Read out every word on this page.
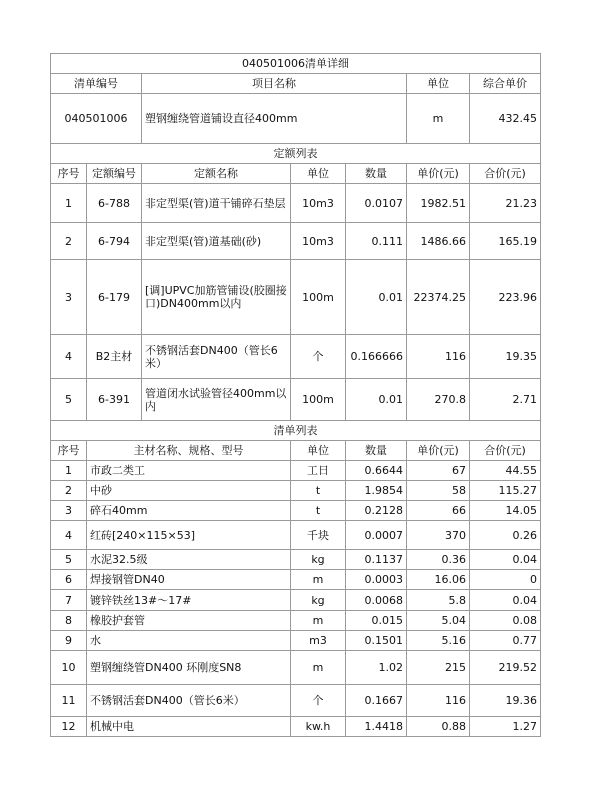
040501006清单详细						
清单编号		项目名称			单位	综合单价
040501006		塑钢缠绕管道铺设直径400mm			m	432.45
定额列表						
序号	定额编号	定额名称	单位	数量	单价(元)	合价(元)
1	6-788	非定型渠(管)道干铺碎石垫层	10m3	0.0107	1982.51	21.23
2	6-794	非定型渠(管)道基础(砂)	10m3	0.111	1486.66	165.19
3	6-179	[调]UPVC加筋管铺设(胶圈接口)DN400mm以内	100m	0.01	22374.25	223.96
4	B2主材	不锈钢活套DN400（管长6米）	个	0.166666	116	19.35
5	6-391	管道闭水试验管径400mm以内	100m	0.01	270.8	2.71
清单列表						
序号	主材名称、规格、型号		单位	数量	单价(元)	合价(元)
1	市政二类工		工日	0.6644	67	44.55
2	中砂		t	1.9854	58	115.27
3	碎石40mm		t	0.2128	66	14.05
4	红砖[240×115×53]		千块	0.0007	370	0.26
5	水泥32.5级		kg	0.1137	0.36	0.04
6	焊接钢管DN40		m	0.0003	16.06	0
7	镀锌铁丝13#～17#		kg	0.0068	5.8	0.04
8	橡胶护套管		m	0.015	5.04	0.08
9	水		m3	0.1501	5.16	0.77
10	塑钢缠绕管DN400 环刚度SN8		m	1.02	215	219.52
11	不锈钢活套DN400（管长6米）		个	0.1667	116	19.36
12	机械中电		kw.h	1.4418	0.88	1.27
